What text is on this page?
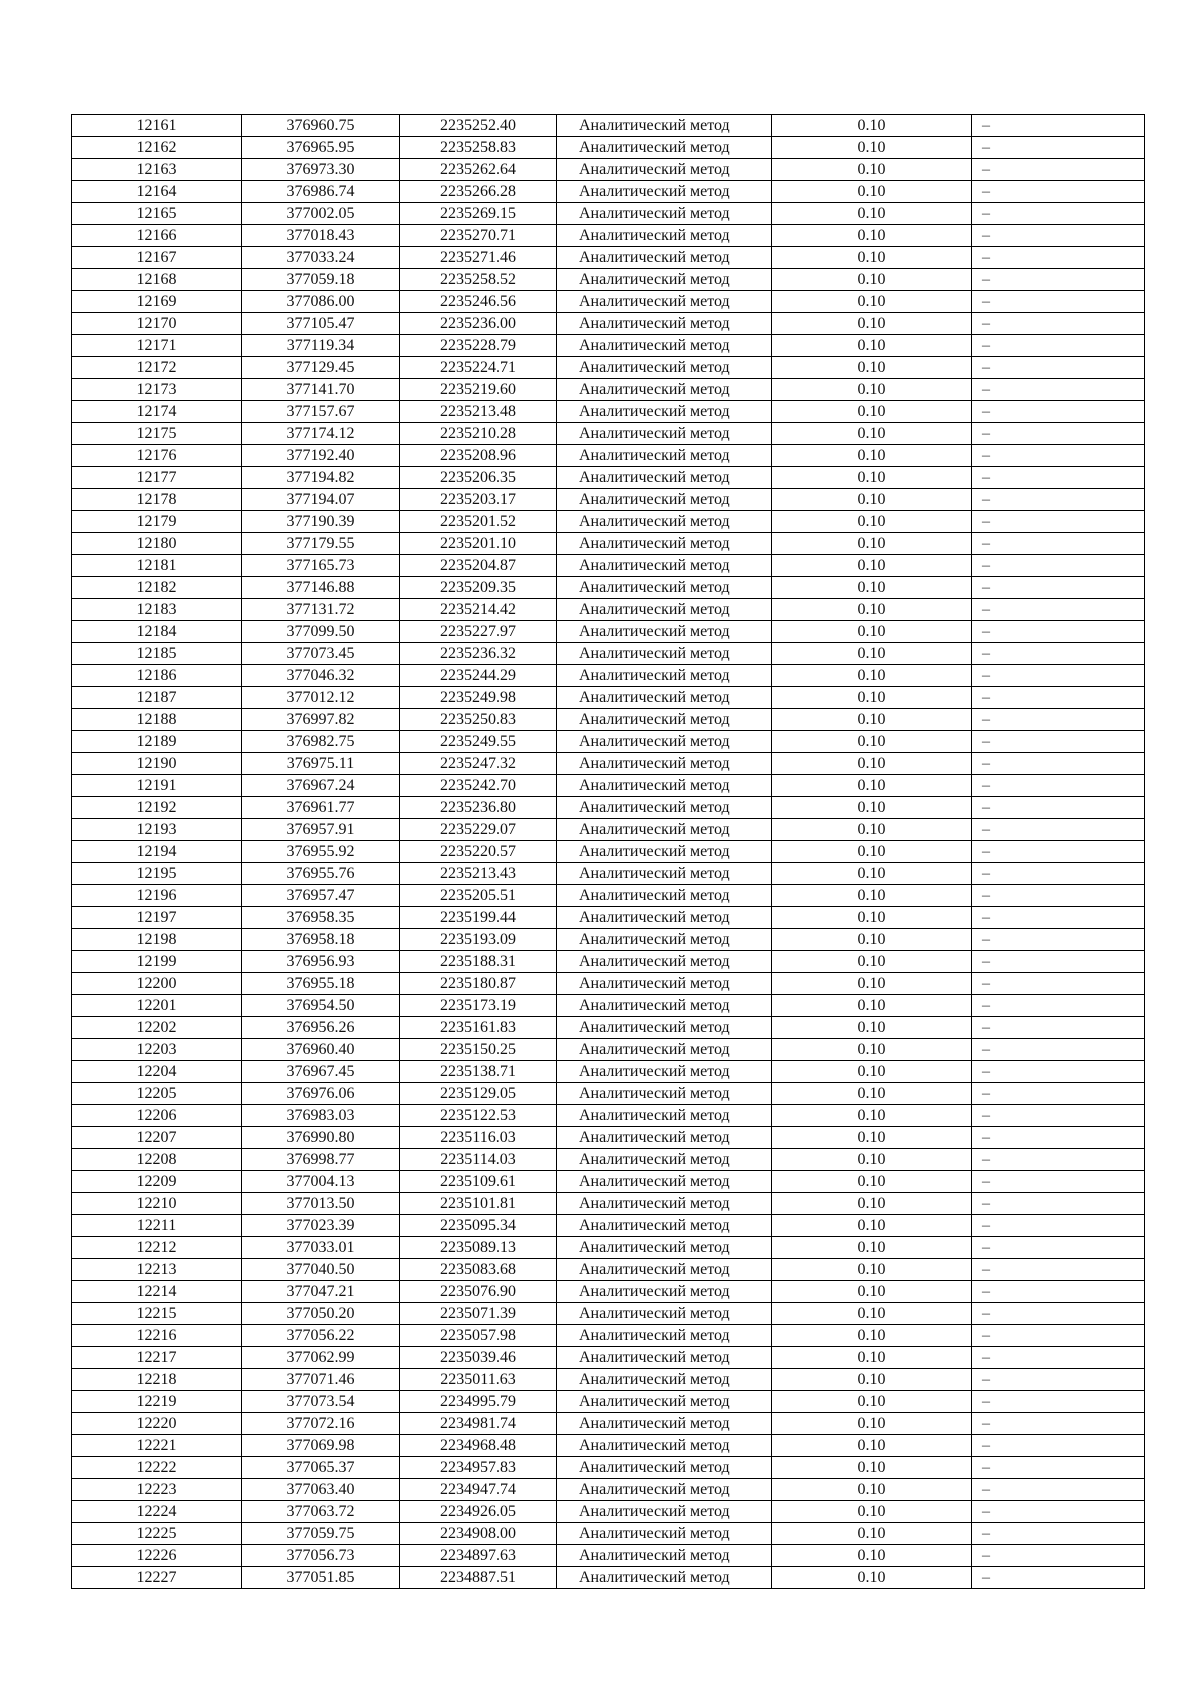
12161	376960.75	2235252.40	Аналитический метод	0.10	–
12162	376965.95	2235258.83	Аналитический метод	0.10	–
12163	376973.30	2235262.64	Аналитический метод	0.10	–
12164	376986.74	2235266.28	Аналитический метод	0.10	–
12165	377002.05	2235269.15	Аналитический метод	0.10	–
12166	377018.43	2235270.71	Аналитический метод	0.10	–
12167	377033.24	2235271.46	Аналитический метод	0.10	–
12168	377059.18	2235258.52	Аналитический метод	0.10	–
12169	377086.00	2235246.56	Аналитический метод	0.10	–
12170	377105.47	2235236.00	Аналитический метод	0.10	–
12171	377119.34	2235228.79	Аналитический метод	0.10	–
12172	377129.45	2235224.71	Аналитический метод	0.10	–
12173	377141.70	2235219.60	Аналитический метод	0.10	–
12174	377157.67	2235213.48	Аналитический метод	0.10	–
12175	377174.12	2235210.28	Аналитический метод	0.10	–
12176	377192.40	2235208.96	Аналитический метод	0.10	–
12177	377194.82	2235206.35	Аналитический метод	0.10	–
12178	377194.07	2235203.17	Аналитический метод	0.10	–
12179	377190.39	2235201.52	Аналитический метод	0.10	–
12180	377179.55	2235201.10	Аналитический метод	0.10	–
12181	377165.73	2235204.87	Аналитический метод	0.10	–
12182	377146.88	2235209.35	Аналитический метод	0.10	–
12183	377131.72	2235214.42	Аналитический метод	0.10	–
12184	377099.50	2235227.97	Аналитический метод	0.10	–
12185	377073.45	2235236.32	Аналитический метод	0.10	–
12186	377046.32	2235244.29	Аналитический метод	0.10	–
12187	377012.12	2235249.98	Аналитический метод	0.10	–
12188	376997.82	2235250.83	Аналитический метод	0.10	–
12189	376982.75	2235249.55	Аналитический метод	0.10	–
12190	376975.11	2235247.32	Аналитический метод	0.10	–
12191	376967.24	2235242.70	Аналитический метод	0.10	–
12192	376961.77	2235236.80	Аналитический метод	0.10	–
12193	376957.91	2235229.07	Аналитический метод	0.10	–
12194	376955.92	2235220.57	Аналитический метод	0.10	–
12195	376955.76	2235213.43	Аналитический метод	0.10	–
12196	376957.47	2235205.51	Аналитический метод	0.10	–
12197	376958.35	2235199.44	Аналитический метод	0.10	–
12198	376958.18	2235193.09	Аналитический метод	0.10	–
12199	376956.93	2235188.31	Аналитический метод	0.10	–
12200	376955.18	2235180.87	Аналитический метод	0.10	–
12201	376954.50	2235173.19	Аналитический метод	0.10	–
12202	376956.26	2235161.83	Аналитический метод	0.10	–
12203	376960.40	2235150.25	Аналитический метод	0.10	–
12204	376967.45	2235138.71	Аналитический метод	0.10	–
12205	376976.06	2235129.05	Аналитический метод	0.10	–
12206	376983.03	2235122.53	Аналитический метод	0.10	–
12207	376990.80	2235116.03	Аналитический метод	0.10	–
12208	376998.77	2235114.03	Аналитический метод	0.10	–
12209	377004.13	2235109.61	Аналитический метод	0.10	–
12210	377013.50	2235101.81	Аналитический метод	0.10	–
12211	377023.39	2235095.34	Аналитический метод	0.10	–
12212	377033.01	2235089.13	Аналитический метод	0.10	–
12213	377040.50	2235083.68	Аналитический метод	0.10	–
12214	377047.21	2235076.90	Аналитический метод	0.10	–
12215	377050.20	2235071.39	Аналитический метод	0.10	–
12216	377056.22	2235057.98	Аналитический метод	0.10	–
12217	377062.99	2235039.46	Аналитический метод	0.10	–
12218	377071.46	2235011.63	Аналитический метод	0.10	–
12219	377073.54	2234995.79	Аналитический метод	0.10	–
12220	377072.16	2234981.74	Аналитический метод	0.10	–
12221	377069.98	2234968.48	Аналитический метод	0.10	–
12222	377065.37	2234957.83	Аналитический метод	0.10	–
12223	377063.40	2234947.74	Аналитический метод	0.10	–
12224	377063.72	2234926.05	Аналитический метод	0.10	–
12225	377059.75	2234908.00	Аналитический метод	0.10	–
12226	377056.73	2234897.63	Аналитический метод	0.10	–
12227	377051.85	2234887.51	Аналитический метод	0.10	–
